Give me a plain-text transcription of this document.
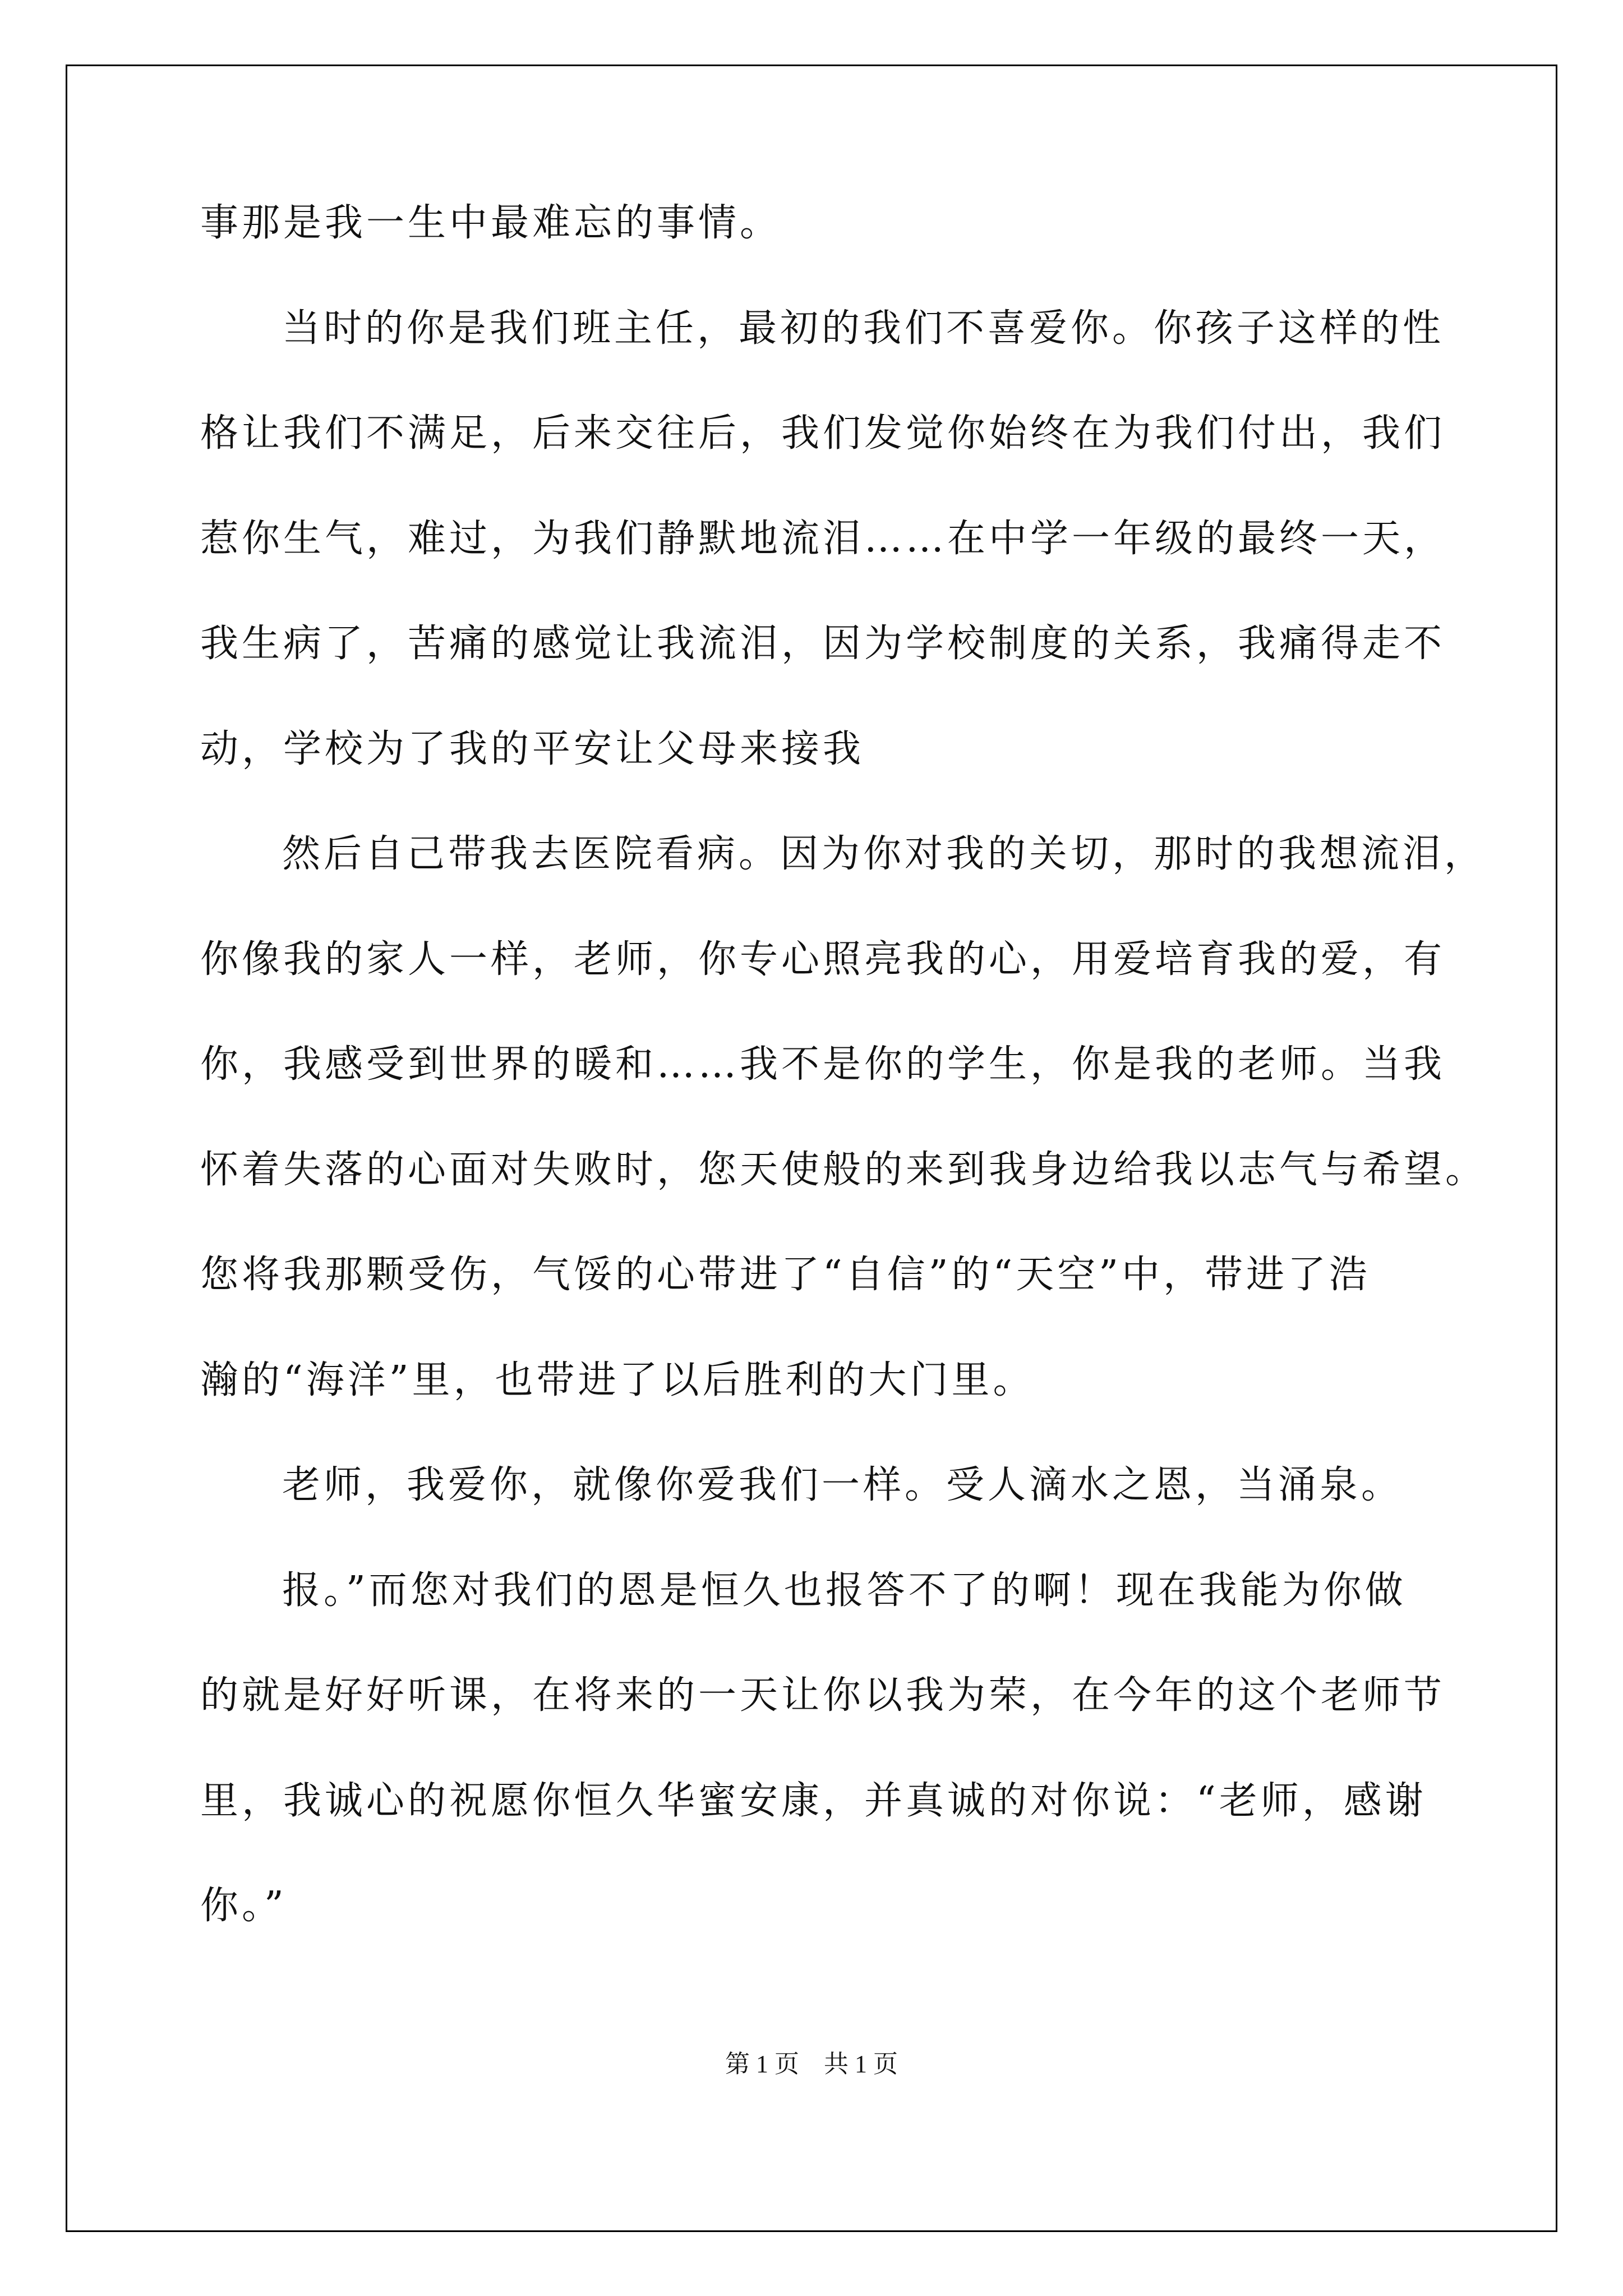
事那是我一生中最难忘的事情。
当时的你是我们班主任，最初的我们不喜爱你。你孩子这样的性
格让我们不满足，后来交往后，我们发觉你始终在为我们付出，我们
惹你生气，难过，为我们静默地流泪……在中学一年级的最终一天，
我生病了，苦痛的感觉让我流泪，因为学校制度的关系，我痛得走不
动，学校为了我的平安让父母来接我
然后自己带我去医院看病。因为你对我的关切，那时的我想流泪，
你像我的家人一样，老师，你专心照亮我的心，用爱培育我的爱，有
你，我感受到世界的暖和……我不是你的学生，你是我的老师。当我
怀着失落的心面对失败时，您天使般的来到我身边给我以志气与希望。
您将我那颗受伤，气馁的心带进了“自信”的“天空”中，带进了浩
瀚的“海洋”里，也带进了以后胜利的大门里。
老师，我爱你，就像你爱我们一样。受人滴水之恩，当涌泉。
报。”而您对我们的恩是恒久也报答不了的啊！现在我能为你做
的就是好好听课，在将来的一天让你以我为荣，在今年的这个老师节
里，我诚心的祝愿你恒久华蜜安康，并真诚的对你说：“老师，感谢
你。”
第 1 页　共 1 页
